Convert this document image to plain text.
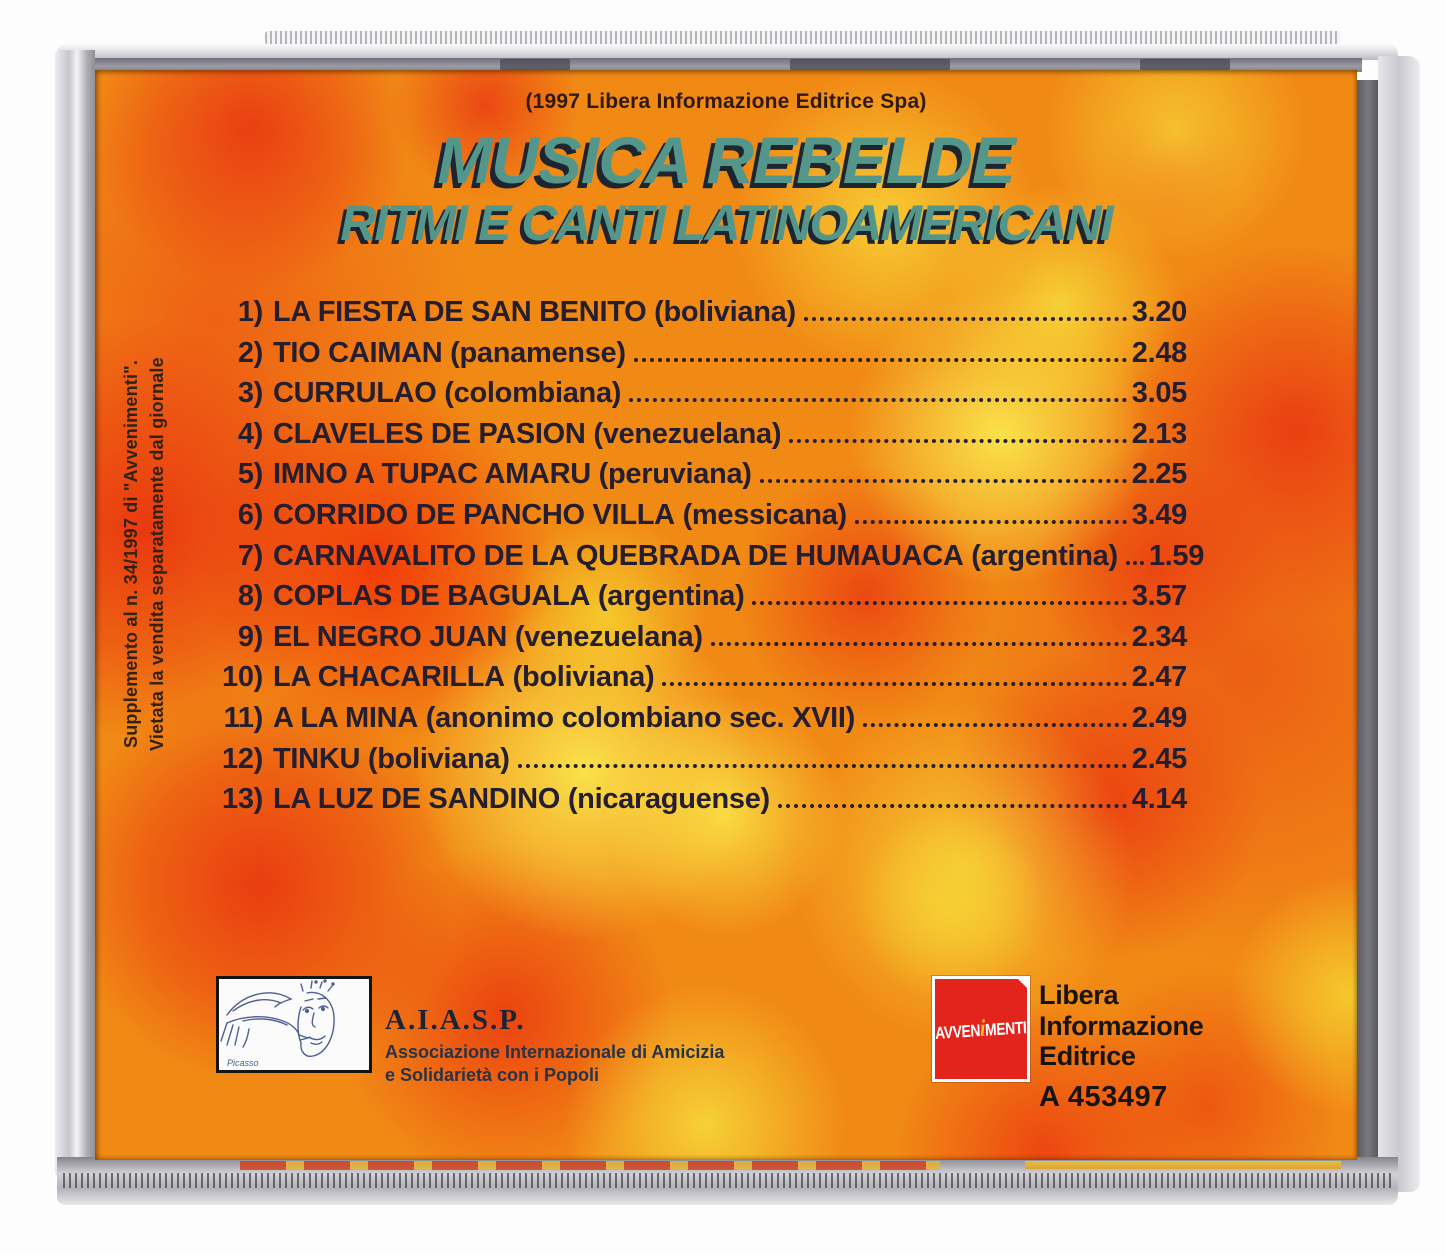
(1997 Libera Informazione Editrice Spa)
MUSICA REBELDE
RITMI E CANTI LATINOAMERICANI
1) LA FIESTA DE SAN BENITO (boliviana)	3.20
2) TIO CAIMAN (panamense)	2.48
3) CURRULAO (colombiana)	3.05
4) CLAVELES DE PASION (venezuelana)	2.13
5) IMNO A TUPAC AMARU (peruviana)	2.25
6) CORRIDO DE PANCHO VILLA (messicana)	3.49
7) CARNAVALITO DE LA QUEBRADA DE HUMAUACA (argentina) 1.59
8) COPLAS DE BAGUALA (argentina)	3.57
9) EL NEGRO JUAN (venezuelana)	2.34
10) LA CHACARILLA (boliviana)	2.47
11) A LA MINA (anonimo colombiano sec. XVII)	2.49
12) TINKU (boliviana)	2.45
13) LA LUZ DE SANDINO (nicaraguense)	4.14
Supplemento al n. 34/1997 di "Avvenimenti". Vietata la vendita separatamente dal giornale
Picasso
A.I.A.S.P.
Associazione Internazionale di Amicizia
e Solidarietà con i Popoli
AVVENiMENTI
Libera
Informazione
Editrice
A 453497
